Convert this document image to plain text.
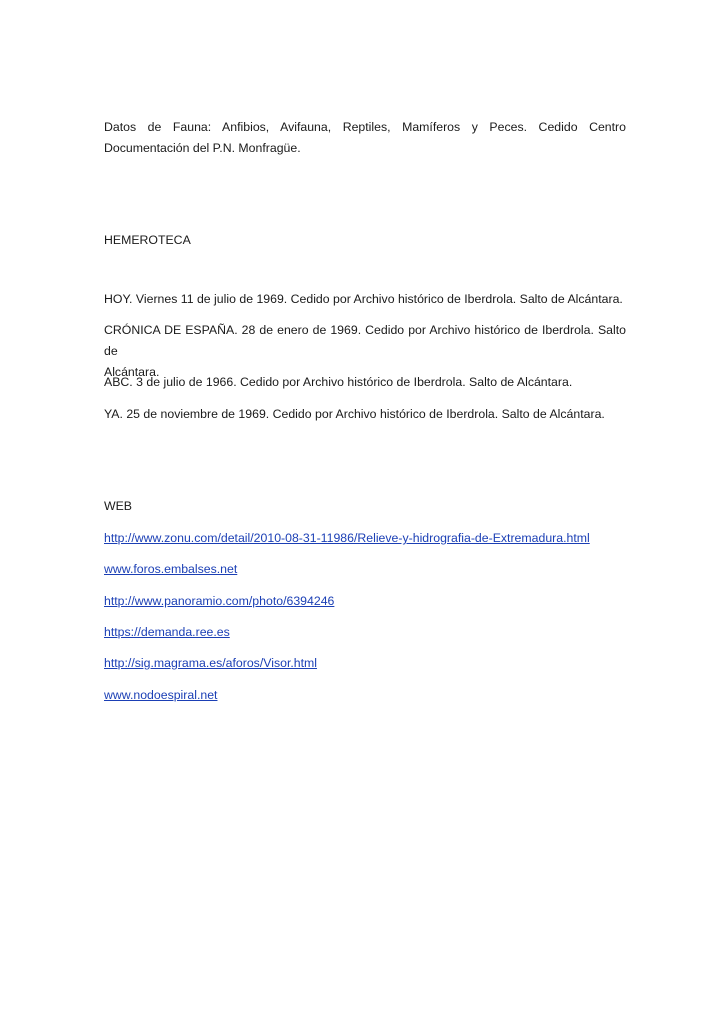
Datos de Fauna: Anfibios, Avifauna, Reptiles, Mamíferos y Peces. Cedido Centro
Documentación del P.N. Monfragüe.

HEMEROTECA

HOY. Viernes 11 de julio de 1969. Cedido por Archivo histórico de Iberdrola. Salto de Alcántara.

CRÓNICA DE ESPAÑA. 28 de enero de 1969. Cedido por Archivo histórico de Iberdrola. Salto de
Alcántara.

ABC. 3 de julio de 1966. Cedido por Archivo histórico de Iberdrola. Salto de Alcántara.

YA. 25 de noviembre de 1969. Cedido por Archivo histórico de Iberdrola. Salto de Alcántara.

WEB
http://www.zonu.com/detail/2010-08-31-11986/Relieve-y-hidrografia-de-Extremadura.html
www.foros.embalses.net
http://www.panoramio.com/photo/6394246
https://demanda.ree.es
http://sig.magrama.es/aforos/Visor.html
www.nodoespiral.net
